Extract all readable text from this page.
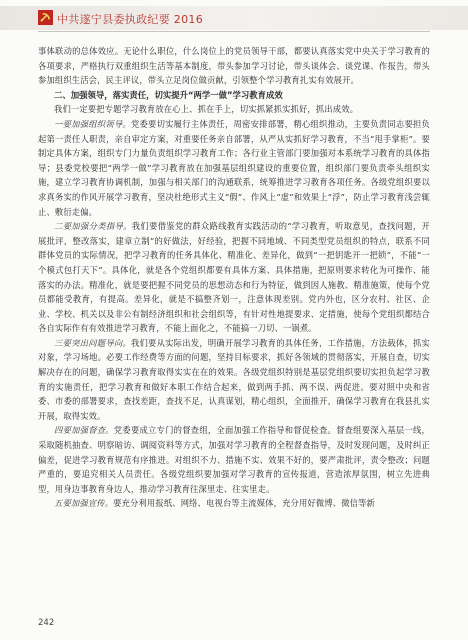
中共遂宁县委执政纪要 2016

事体联动的总体效应。无论什么职位，什么岗位上的党员领导干部，都要认真落实党中央关于学习教育的各项要求，严格执行双重组织生活等基本制度，带头参加学习讨论，带头谈体会、谈党课、作报告，带头参加组织生活会，民主评议，带头立足岗位做贡献，引领整个学习教育扎实有效展开。

二、加强领导，落实责任，切实提升“两学一做”学习教育成效

我们一定要把专题学习教育放在心上、抓在手上，切实抓紧抓实抓好，抓出成效。

一要加强组织领导。党委要切实履行主体责任，周密安排部署，精心组织推动，主要负责同志要担负起第一责任人职责，亲自审定方案，对重要任务亲自部署，从严从实抓好学习教育，不当“甩手掌柜”。要制定具体方案，组织专门力量负责组织学习教育工作；各行业主管部门要加强对本系统学习教育的具体指导；县委党校要把“两学一做”学习教育放在加强基层组织建设的重要位置，组织部门要负责牵头组织实施，建立学习教育协调机制，加强与相关部门的沟通联系，统筹推进学习教育各项任务。各级党组织要以求真务实的作风开展学习教育，坚决杜绝形式主义“假”、作风上“虚”和效果上“浮”，防止学习教育浅尝辄止、敷衍走偏。

二要加强分类指导。我们要借鉴党的群众路线教育实践活动的“学习教育，听取意见，查找问题，开展批评，整改落实，建章立制”的好做法，好经验，把握不同地域、不同类型党员组织的特点，联系不同群体党员的实际情况，把学习教育的任务具体化、精准化、差异化，做到“一把钥匙开一把锁”，不能“一个模式包打天下”。具体化，就是各个党组织都要有具体方案、具体措施，把原则要求转化为可操作、能落实的办法。精准化，就是要把握不同党员的思想动态和行为特征，做到因人施教、精准施策，使每个党员都能受教育，有提高。差异化，就是不搞整齐划一，注意体现差别。党内外也，区分农村、社区、企业、学校、机关以及非公有制经济组织和社会组织等，有针对性地提要求、定措施，使每个党组织都结合各自实际作有有效推进学习教育，不能上面化之，不能搞一刀切、一锅煮。

三要突出问题导向。我们要从实际出发，明确开展学习教育的具体任务，工作措施，方法载体，抓实对象，学习场地。必要工作经费等方面的问题，坚持目标要求，抓好各领域的贯彻落实，开展自查，切实解决存在的问题，确保学习教育取得实实在在的效果。各级党组织特别是基层党组织要切实担负起学习教育的实施责任，把学习教育和做好本职工作结合起来，做到两手抓、两不误、两促进。要对照中央和省委、市委的部署要求，查找差距，查找不足，认真谋划，精心组织，全面推开，确保学习教育在我县扎实开展，取得实效。

四要加强督查。党委要成立专门的督查组，全面加强工作指导和督促检查。督查组要深入基层一线，采取随机抽查、明察暗访、调阅资料等方式，加强对学习教育的全程督查指导，及时发现问题，及时纠正偏差，促进学习教育规范有序推进。对组织不力、措施不实、效果不好的，要严肃批评，责令整改；问题严重的，要追究相关人员责任。各级党组织要加强对学习教育的宣传报道，营造浓厚氛围，树立先进典型，用身边事教育身边人，推动学习教育往深里走、往实里走。

五要加强宣传。要充分利用报纸、网络、电视台等主流媒体，充分用好微博、微信等新

242
